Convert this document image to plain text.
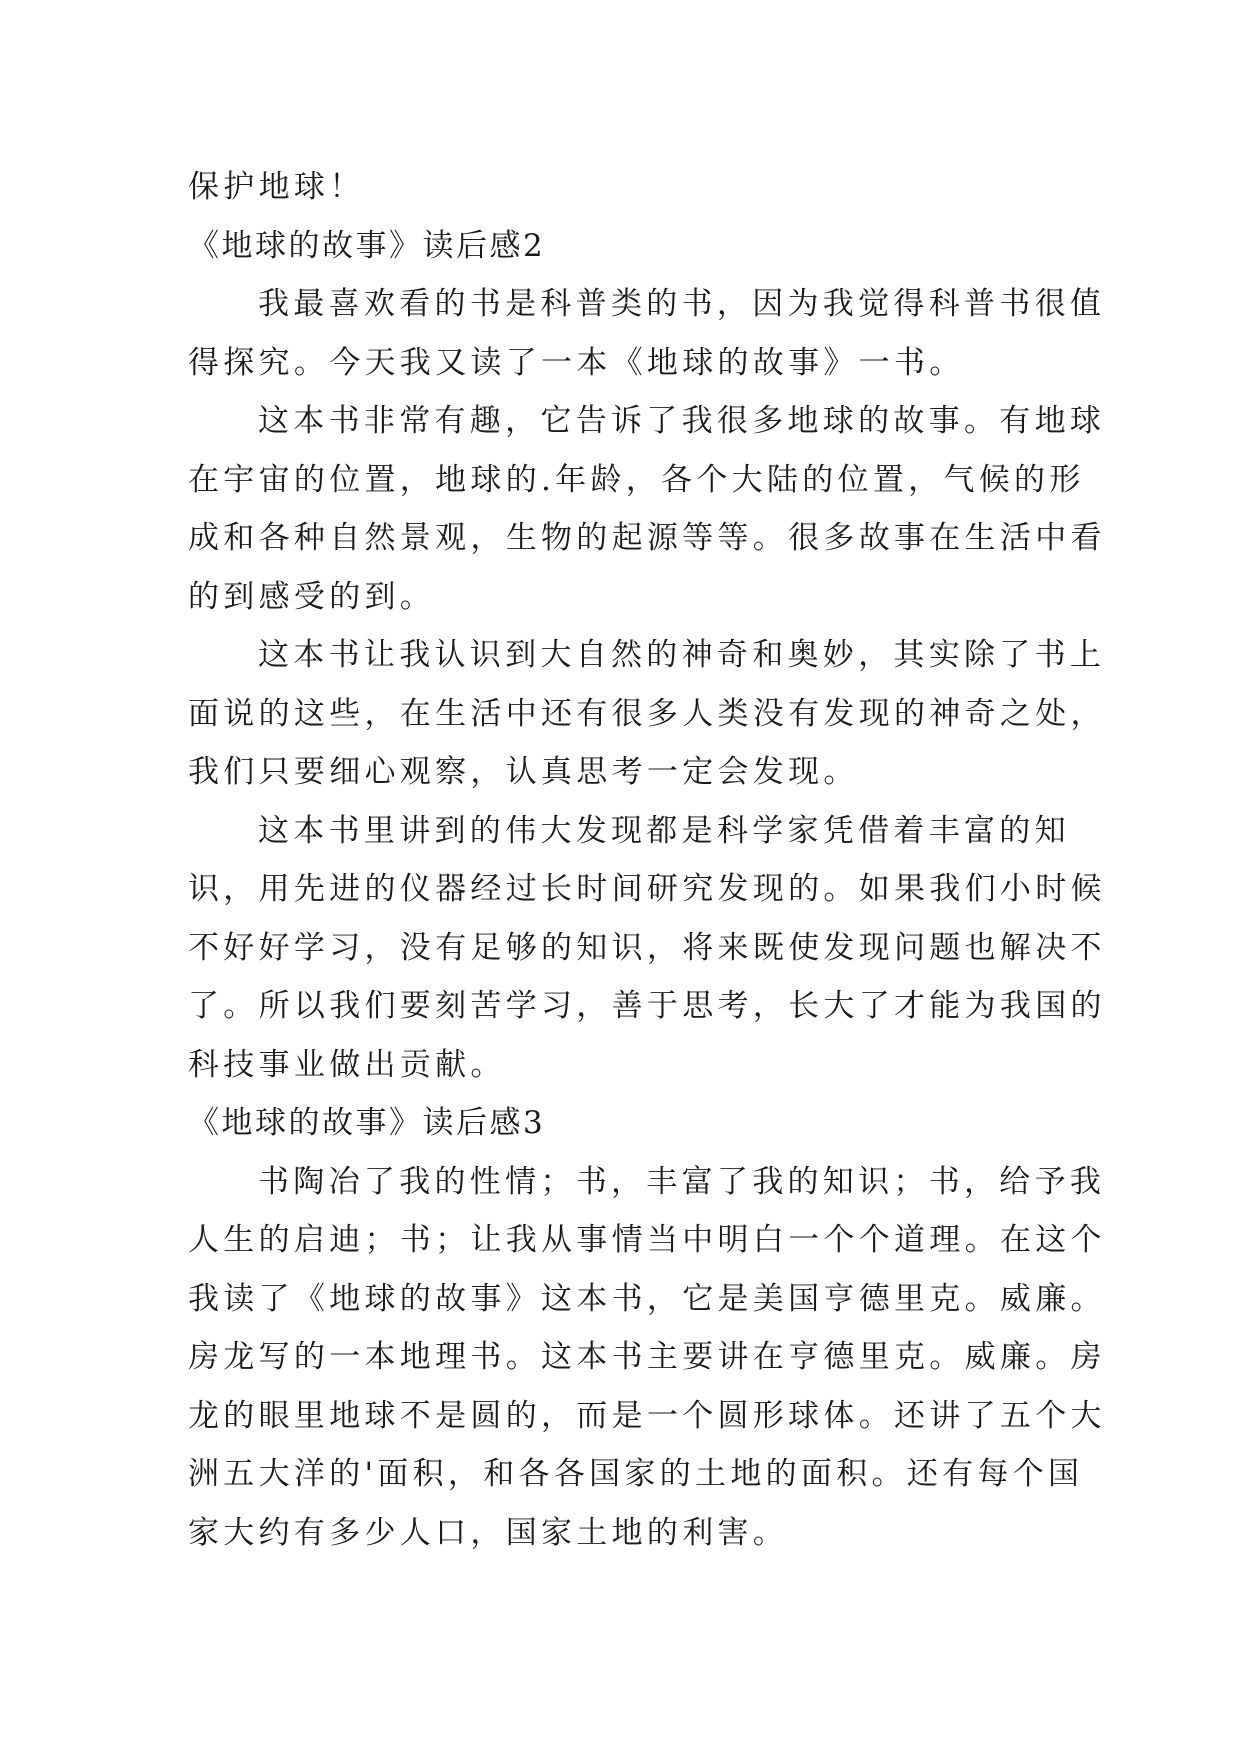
保护地球！
《地球的故事》读后感2
我最喜欢看的书是科普类的书，因为我觉得科普书很值
得探究。今天我又读了一本《地球的故事》一书。
这本书非常有趣，它告诉了我很多地球的故事。有地球
在宇宙的位置，地球的.年龄，各个大陆的位置，气候的形
成和各种自然景观，生物的起源等等。很多故事在生活中看
的到感受的到。
这本书让我认识到大自然的神奇和奥妙，其实除了书上
面说的这些，在生活中还有很多人类没有发现的神奇之处，
我们只要细心观察，认真思考一定会发现。
这本书里讲到的伟大发现都是科学家凭借着丰富的知
识，用先进的仪器经过长时间研究发现的。如果我们小时候
不好好学习，没有足够的知识，将来既使发现问题也解决不
了。所以我们要刻苦学习，善于思考，长大了才能为我国的
科技事业做出贡献。
《地球的故事》读后感3
书陶冶了我的性情；书，丰富了我的知识；书，给予我
人生的启迪；书；让我从事情当中明白一个个道理。在这个
我读了《地球的故事》这本书，它是美国亨德里克。威廉。
房龙写的一本地理书。这本书主要讲在亨德里克。威廉。房
龙的眼里地球不是圆的，而是一个圆形球体。还讲了五个大
洲五大洋的'面积，和各各国家的土地的面积。还有每个国
家大约有多少人口，国家土地的利害。
